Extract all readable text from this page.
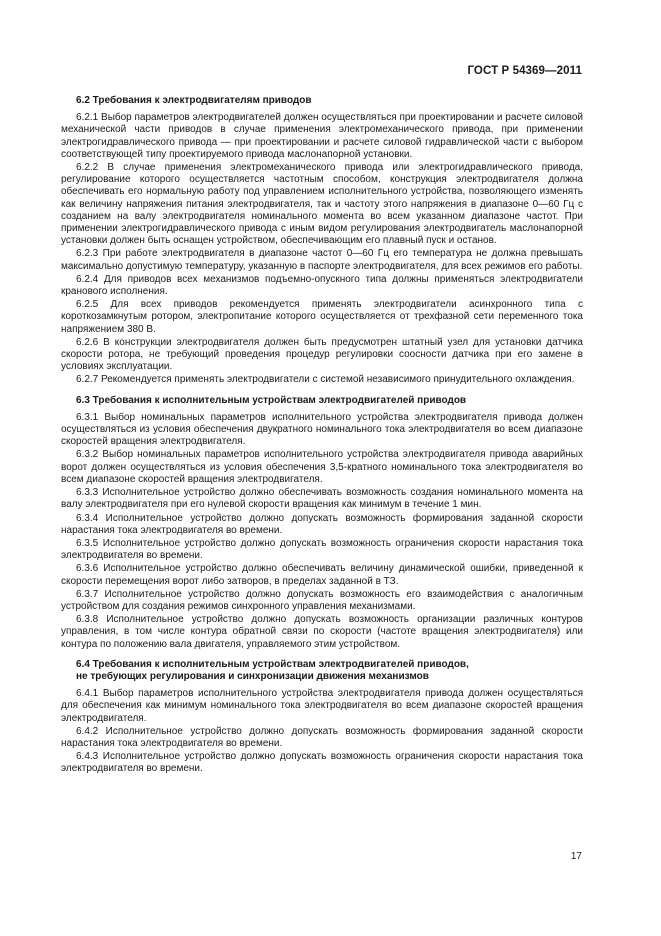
ГОСТ Р 54369—2011
6.2 Требования к электродвигателям приводов

6.2.1 Выбор параметров электродвигателей должен осуществляться при проектировании и расчете силовой механической части приводов в случае применения электромеханического привода, при применении электрогидравлического привода — при проектировании и расчете силовой гидравлической части с выбором соответствующей типу проектируемого привода маслонапорной установки.

6.2.2 В случае применения электромеханического привода или электрогидравлического привода, регулирование которого осуществляется частотным способом, конструкция электродвигателя должна обеспечивать его нормальную работу под управлением исполнительного устройства, позволяющего изменять как величину напряжения питания электродвигателя, так и частоту этого напряжения в диапазоне 0—60 Гц с созданием на валу электродвигателя номинального момента во всем указанном диапазоне частот. При применении электрогидравлического привода с иным видом регулирования электродвигатель маслонапорной установки должен быть оснащен устройством, обеспечивающим его плавный пуск и останов.

6.2.3 При работе электродвигателя в диапазоне частот 0—60 Гц его температура не должна превышать максимально допустимую температуру, указанную в паспорте электродвигателя, для всех режимов его работы.

6.2.4 Для приводов всех механизмов подъемно-опускного типа должны применяться электродвигатели кранового исполнения.

6.2.5 Для всех приводов рекомендуется применять электродвигатели асинхронного типа с короткозамкнутым ротором, электропитание которого осуществляется от трехфазной сети переменного тока напряжением 380 В.

6.2.6 В конструкции электродвигателя должен быть предусмотрен штатный узел для установки датчика скорости ротора, не требующий проведения процедур регулировки соосности датчика при его замене в условиях эксплуатации.

6.2.7 Рекомендуется применять электродвигатели с системой независимого принудительного охлаждения.

6.3 Требования к исполнительным устройствам электродвигателей приводов

6.3.1 Выбор номинальных параметров исполнительного устройства электродвигателя привода должен осуществляться из условия обеспечения двукратного номинального тока электродвигателя во всем диапазоне скоростей вращения электродвигателя.

6.3.2 Выбор номинальных параметров исполнительного устройства электродвигателя привода аварийных ворот должен осуществляться из условия обеспечения 3,5-кратного номинального тока электродвигателя во всем диапазоне скоростей вращения электродвигателя.

6.3.3 Исполнительное устройство должно обеспечивать возможность создания номинального момента на валу электродвигателя при его нулевой скорости вращения как минимум в течение 1 мин.

6.3.4 Исполнительное устройство должно допускать возможность формирования заданной скорости нарастания тока электродвигателя во времени.

6.3.5 Исполнительное устройство должно допускать возможность ограничения скорости нарастания тока электродвигателя во времени.

6.3.6 Исполнительное устройство должно обеспечивать величину динамической ошибки, приведенной к скорости перемещения ворот либо затворов, в пределах заданной в ТЗ.

6.3.7 Исполнительное устройство должно допускать возможность его взаимодействия с аналогичным устройством для создания режимов синхронного управления механизмами.

6.3.8 Исполнительное устройство должно допускать возможность организации различных контуров управления, в том числе контура обратной связи по скорости (частоте вращения электродвигателя) или контура по положению вала двигателя, управляемого этим устройством.

6.4 Требования к исполнительным устройствам электродвигателей приводов,
не требующих регулирования и синхронизации движения механизмов

6.4.1 Выбор параметров исполнительного устройства электродвигателя привода должен осуществляться для обеспечения как минимум номинального тока электродвигателя во всем диапазоне скоростей вращения электродвигателя.

6.4.2 Исполнительное устройство должно допускать возможность формирования заданной скорости нарастания тока электродвигателя во времени.

6.4.3 Исполнительное устройство должно допускать возможность ограничения скорости нарастания тока электродвигателя во времени.

17
